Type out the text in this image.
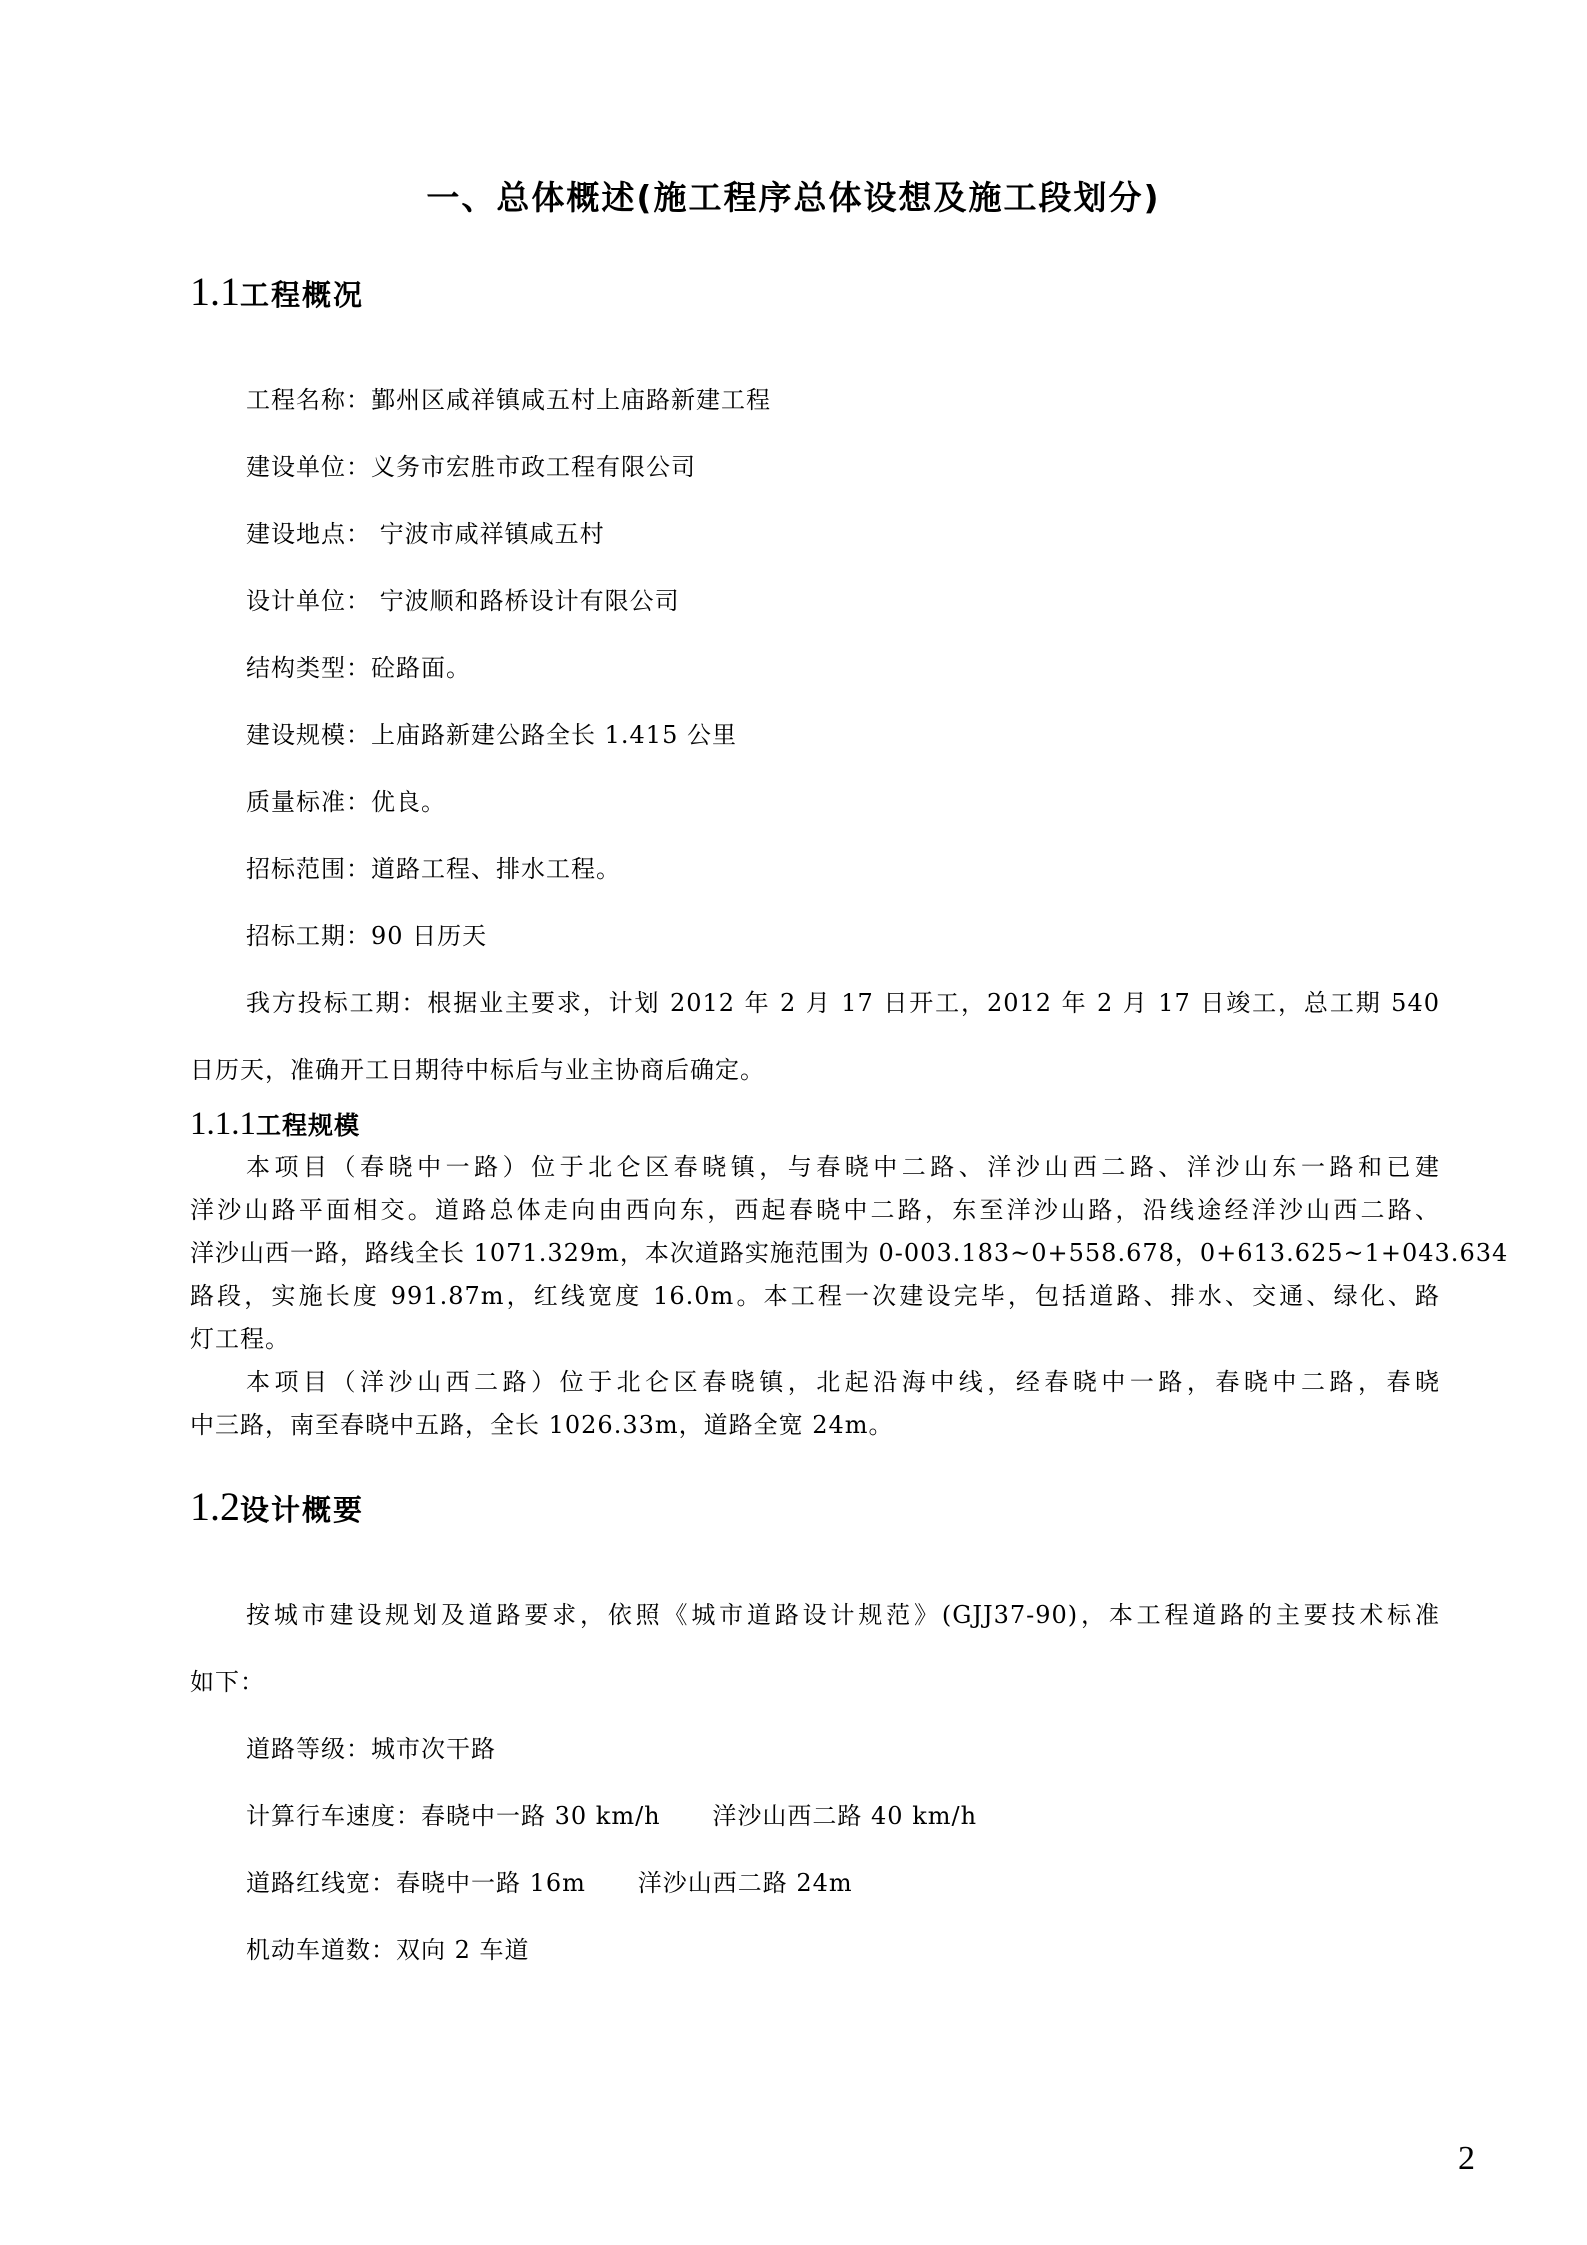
一、总体概述(施工程序总体设想及施工段划分)
1.1工程概况
工程名称：鄞州区咸祥镇咸五村上庙路新建工程
建设单位：义务市宏胜市政工程有限公司
建设地点： 宁波市咸祥镇咸五村
设计单位： 宁波顺和路桥设计有限公司
结构类型：砼路面。
建设规模：上庙路新建公路全长 1.415 公里
质量标准：优良。
招标范围：道路工程、排水工程。
招标工期：90 日历天
我方投标工期：根据业主要求，计划 2012 年 2 月 17 日开工，2012 年 2 月 17 日竣工，总工期 540
日历天，准确开工日期待中标后与业主协商后确定。
1.1.1工程规模
本项目（春晓中一路）位于北仑区春晓镇，与春晓中二路、洋沙山西二路、洋沙山东一路和已建
洋沙山路平面相交。道路总体走向由西向东，西起春晓中二路，东至洋沙山路，沿线途经洋沙山西二路、
洋沙山西一路，路线全长 1071.329m，本次道路实施范围为 0-003.183~0+558.678，0+613.625~1+043.634
路段，实施长度 991.87m，红线宽度 16.0m。本工程一次建设完毕，包括道路、排水、交通、绿化、路
灯工程。
本项目（洋沙山西二路）位于北仑区春晓镇，北起沿海中线，经春晓中一路，春晓中二路，春晓
中三路，南至春晓中五路，全长 1026.33m，道路全宽 24m。
1.2设计概要
按城市建设规划及道路要求，依照《城市道路设计规范》(GJJ37-90)，本工程道路的主要技术标准
如下：
道路等级：城市次干路
计算行车速度：春晓中一路 30 km/h      洋沙山西二路 40 km/h
道路红线宽：春晓中一路 16m      洋沙山西二路 24m
机动车道数：双向 2 车道
2
